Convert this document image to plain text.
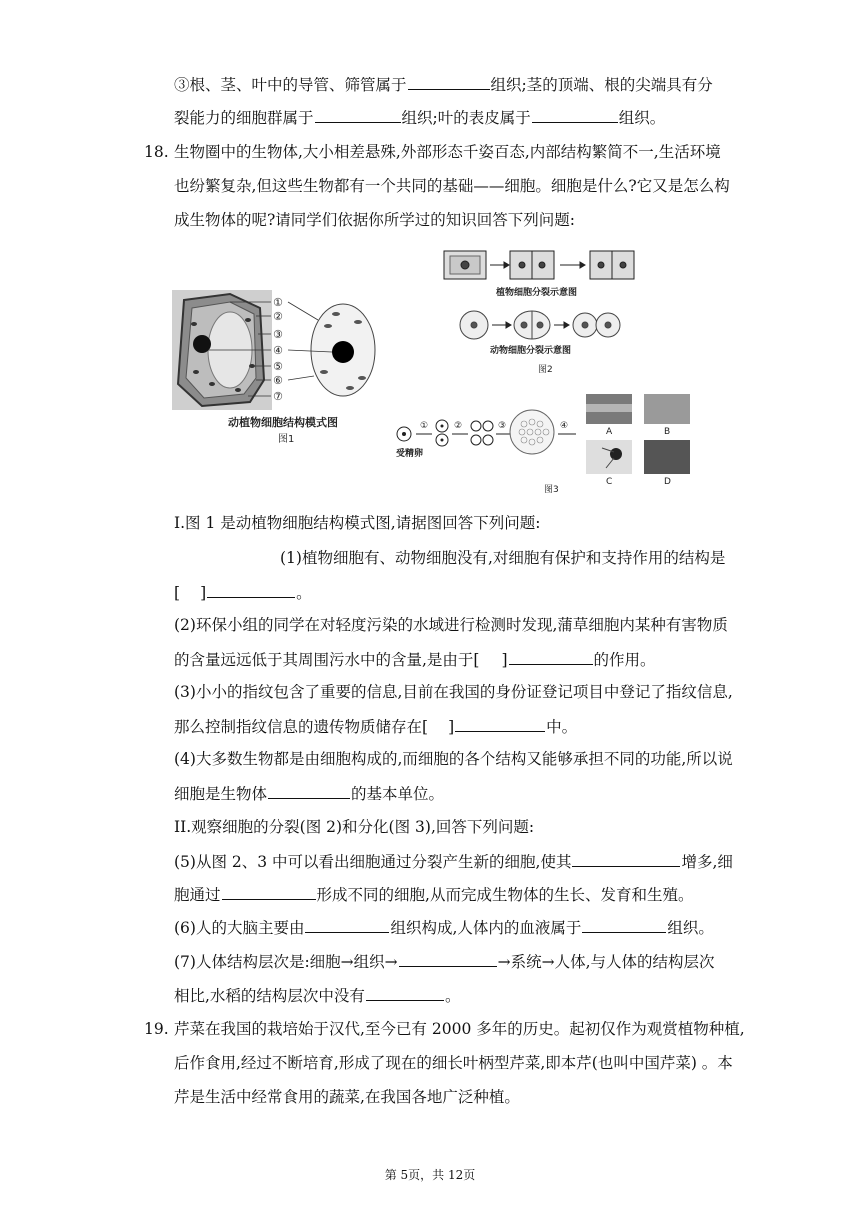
③根、茎、叶中的导管、筛管属于	组织;茎的顶端、根的尖端具有分
裂能力的细胞群属于	组织;叶的表皮属于	组织。
18. 生物圈中的生物体,大小相差悬殊,外部形态千姿百态,内部结构繁简不一,生活环境
也纷繁复杂,但这些生物都有一个共同的基础——细胞。细胞是什么?它又是怎么构
成生物体的呢?请同学们依据你所学过的知识回答下列问题:
①
②
③
④
⑤
⑥
⑦
动植物细胞结构模式图
图1
植物细胞分裂示意图
动物细胞分裂示意图
图2
受精卵
①	②	③	④
A	B
C	D
图3
I.图 1 是动植物细胞结构模式图,请据图回答下列问题:
(1)植物细胞有、动物细胞没有,对细胞有保护和支持作用的结构是
[ ]	。
(2)环保小组的同学在对轻度污染的水域进行检测时发现,蒲草细胞内某种有害物质
的含量远远低于其周围污水中的含量,是由于[ ]	的作用。
(3)小小的指纹包含了重要的信息,目前在我国的身份证登记项目中登记了指纹信息,
那么控制指纹信息的遗传物质储存在[ ]	中。
(4)大多数生物都是由细胞构成的,而细胞的各个结构又能够承担不同的功能,所以说
细胞是生物体	的基本单位。
II.观察细胞的分裂(图 2)和分化(图 3),回答下列问题:
(5)从图 2、3 中可以看出细胞通过分裂产生新的细胞,使其	增多,细
胞通过	形成不同的细胞,从而完成生物体的生长、发育和生殖。
(6)人的大脑主要由	组织构成,人体内的血液属于	组织。
(7)人体结构层次是:细胞→组织→	→系统→人体,与人体的结构层次
相比,水稻的结构层次中没有	。
19. 芹菜在我国的栽培始于汉代,至今已有 2000 多年的历史。起初仅作为观赏植物种植,
后作食用,经过不断培育,形成了现在的细长叶柄型芹菜,即本芹(也叫中国芹菜) 。本
芹是生活中经常食用的蔬菜,在我国各地广泛种植。
第 5页，共 12页
